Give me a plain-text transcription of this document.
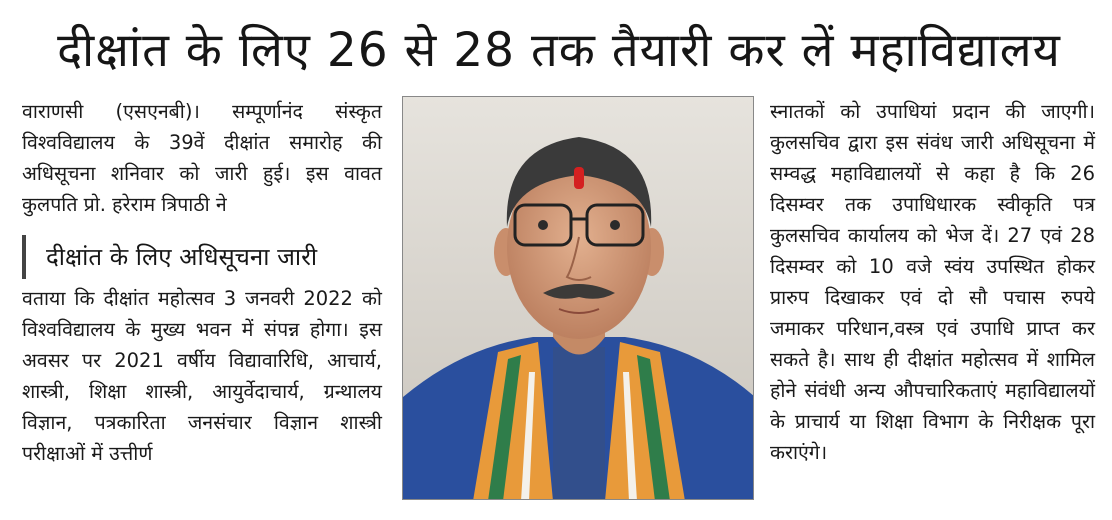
दीक्षांत के लिए 26 से 28 तक तैयारी कर लें महाविद्यालय

वाराणसी (एसएनबी)। सम्पूर्णानंद संस्कृत विश्वविद्यालय के 39वें दीक्षांत समारोह की अधिसूचना शनिवार को जारी हुई। इस वावत कुलपति प्रो. हरेराम त्रिपाठी ने

दीक्षांत के लिए अधिसूचना जारी

वताया कि दीक्षांत महोत्सव 3 जनवरी 2022 को विश्वविद्यालय के मुख्य भवन में संपन्न होगा। इस अवसर पर 2021 वर्षीय विद्यावारिधि, आचार्य, शास्त्री, शिक्षा शास्त्री, आयुर्वेदाचार्य, ग्रन्थालय विज्ञान, पत्रकारिता जनसंचार विज्ञान शास्त्री परीक्षाओं में उत्तीर्ण

स्नातकों को उपाधियां प्रदान की जाएगी। कुलसचिव द्वारा इस संवंध जारी अधिसूचना में सम्वद्ध महाविद्यालयों से कहा है कि 26 दिसम्वर तक उपाधिधारक स्वीकृति पत्र कुलसचिव कार्यालय को भेज दें। 27 एवं 28 दिसम्वर को 10 वजे स्वंय उपस्थित होकर प्रारुप दिखाकर एवं दो सौ पचास रुपये जमाकर परिधान,वस्त्र एवं उपाधि प्राप्त कर सकते है। साथ ही दीक्षांत महोत्सव में शामिल होने संवंधी अन्य औपचारिकताएं महाविद्यालयों के प्राचार्य या शिक्षा विभाग के निरीक्षक पूरा कराएंगे।
